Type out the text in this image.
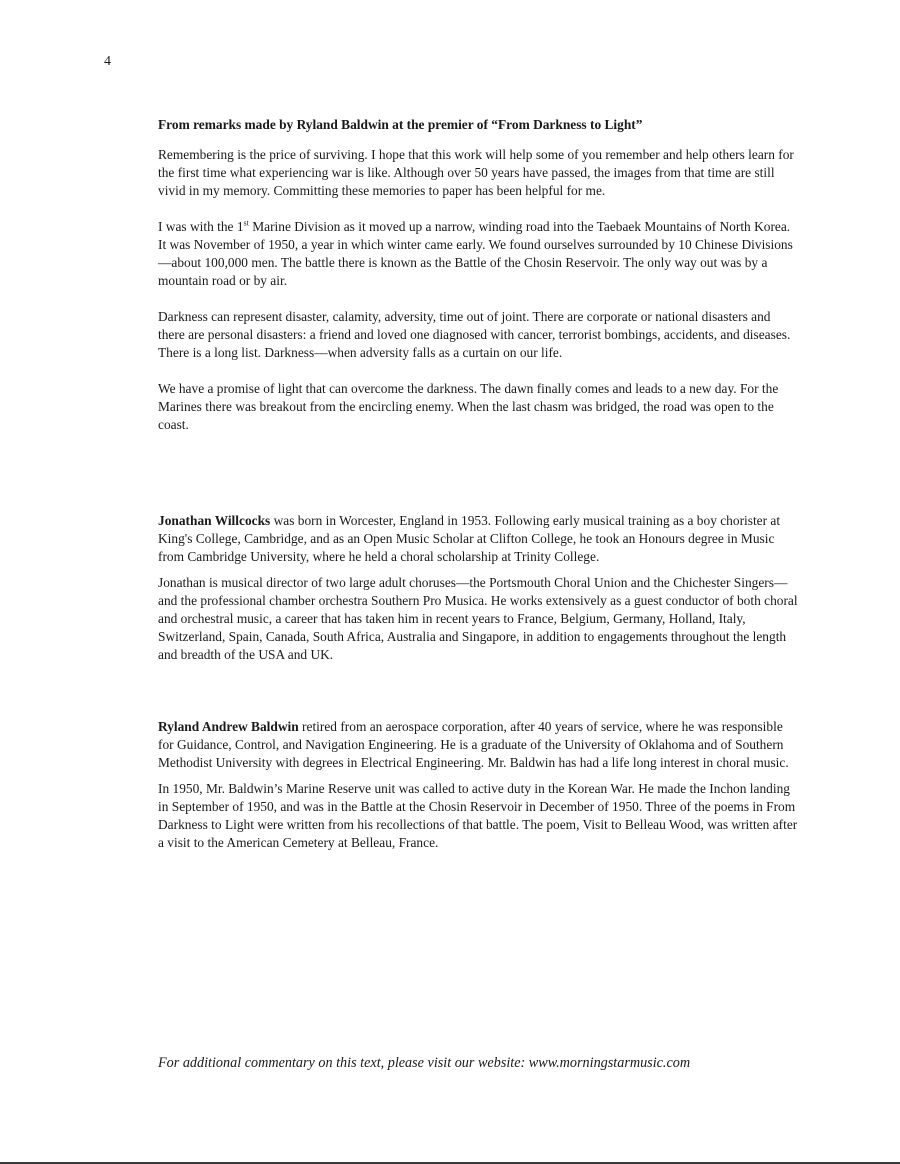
4
From remarks made by Ryland Baldwin at the premier of “From Darkness to Light”

Remembering is the price of surviving. I hope that this work will help some of you remember and help others learn for the first time what experiencing war is like. Although over 50 years have passed, the images from that time are still vivid in my memory. Committing these memories to paper has been helpful for me.

I was with the 1st Marine Division as it moved up a narrow, winding road into the Taebaek Mountains of North Korea. It was November of 1950, a year in which winter came early. We found ourselves surrounded by 10 Chinese Divisions—about 100,000 men. The battle there is known as the Battle of the Chosin Reservoir. The only way out was by a mountain road or by air.

Darkness can represent disaster, calamity, adversity, time out of joint. There are corporate or national disasters and there are personal disasters: a friend and loved one diagnosed with cancer, terrorist bombings, accidents, and diseases. There is a long list. Darkness—when adversity falls as a curtain on our life.

We have a promise of light that can overcome the darkness. The dawn finally comes and leads to a new day. For the Marines there was breakout from the encircling enemy. When the last chasm was bridged, the road was open to the coast.

Jonathan Willcocks was born in Worcester, England in 1953. Following early musical training as a boy chorister at King's College, Cambridge, and as an Open Music Scholar at Clifton College, he took an Honours degree in Music from Cambridge University, where he held a choral scholarship at Trinity College.

Jonathan is musical director of two large adult choruses—the Portsmouth Choral Union and the Chichester Singers—and the professional chamber orchestra Southern Pro Musica. He works extensively as a guest conductor of both choral and orchestral music, a career that has taken him in recent years to France, Belgium, Germany, Holland, Italy, Switzerland, Spain, Canada, South Africa, Australia and Singapore, in addition to engagements throughout the length and breadth of the USA and UK.

Ryland Andrew Baldwin retired from an aerospace corporation, after 40 years of service, where he was responsible for Guidance, Control, and Navigation Engineering. He is a graduate of the University of Oklahoma and of Southern Methodist University with degrees in Electrical Engineering. Mr. Baldwin has had a life long interest in choral music.

In 1950, Mr. Baldwin’s Marine Reserve unit was called to active duty in the Korean War. He made the Inchon landing in September of 1950, and was in the Battle at the Chosin Reservoir in December of 1950. Three of the poems in From Darkness to Light were written from his recollections of that battle. The poem, Visit to Belleau Wood, was written after a visit to the American Cemetery at Belleau, France.

For additional commentary on this text, please visit our website: www.morningstarmusic.com
